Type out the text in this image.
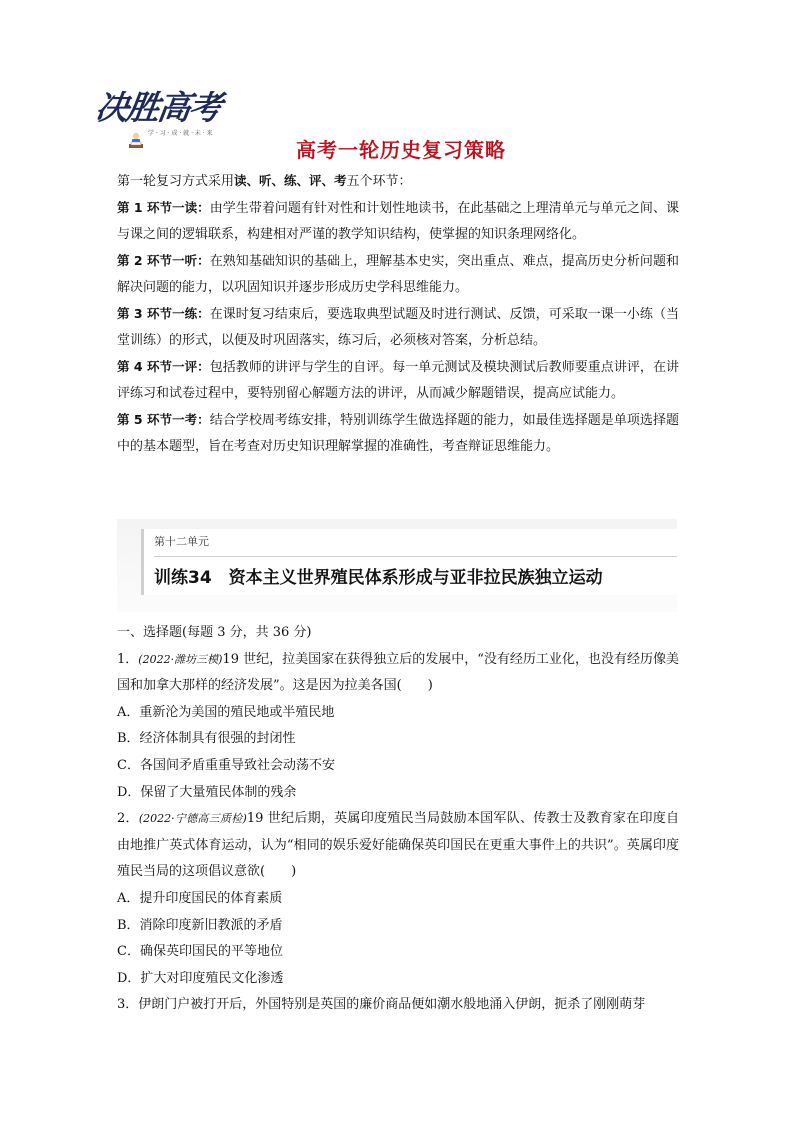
决胜高考
学 · 习 · 成 · 就 · 未 · 来
高考一轮历史复习策略

第一轮复习方式采用读、听、练、评、考五个环节：

第 1 环节一读：由学生带着问题有针对性和计划性地读书，在此基础之上理清单元与单元之间、课与课之间的逻辑联系，构建相对严谨的教学知识结构，使掌握的知识条理网络化。

第 2 环节一听：在熟知基础知识的基础上，理解基本史实，突出重点、难点，提高历史分析问题和解决问题的能力，以巩固知识并逐步形成历史学科思维能力。

第 3 环节一练：在课时复习结束后，要选取典型试题及时进行测试、反馈，可采取一课一小练（当堂训练）的形式，以便及时巩固落实，练习后，必须核对答案，分析总结。

第 4 环节一评：包括教师的讲评与学生的自评。每一单元测试及模块测试后教师要重点讲评，在讲评练习和试卷过程中，要特别留心解题方法的讲评，从而减少解题错误，提高应试能力。

第 5 环节一考：结合学校周考练安排，特别训练学生做选择题的能力，如最佳选择题是单项选择题中的基本题型，旨在考查对历史知识理解掌握的准确性，考查辩证思维能力。

第十二单元
训练34　资本主义世界殖民体系形成与亚非拉民族独立运动

一、选择题(每题 3 分，共 36 分)

1．(2022·潍坊三模)19 世纪，拉美国家在获得独立后的发展中，“没有经历工业化，也没有经历像美国和加拿大那样的经济发展”。这是因为拉美各国(　　)

A．重新沦为美国的殖民地或半殖民地

B．经济体制具有很强的封闭性

C．各国间矛盾重重导致社会动荡不安

D．保留了大量殖民体制的残余

2．(2022·宁德高三质检)19 世纪后期，英属印度殖民当局鼓励本国军队、传教士及教育家在印度自由地推广英式体育运动，认为“相同的娱乐爱好能确保英印国民在更重大事件上的共识”。英属印度殖民当局的这项倡议意欲(　　)

A．提升印度国民的体育素质

B．消除印度新旧教派的矛盾

C．确保英印国民的平等地位

D．扩大对印度殖民文化渗透

3．伊朗门户被打开后，外国特别是英国的廉价商品便如潮水般地涌入伊朗，扼杀了刚刚萌芽
